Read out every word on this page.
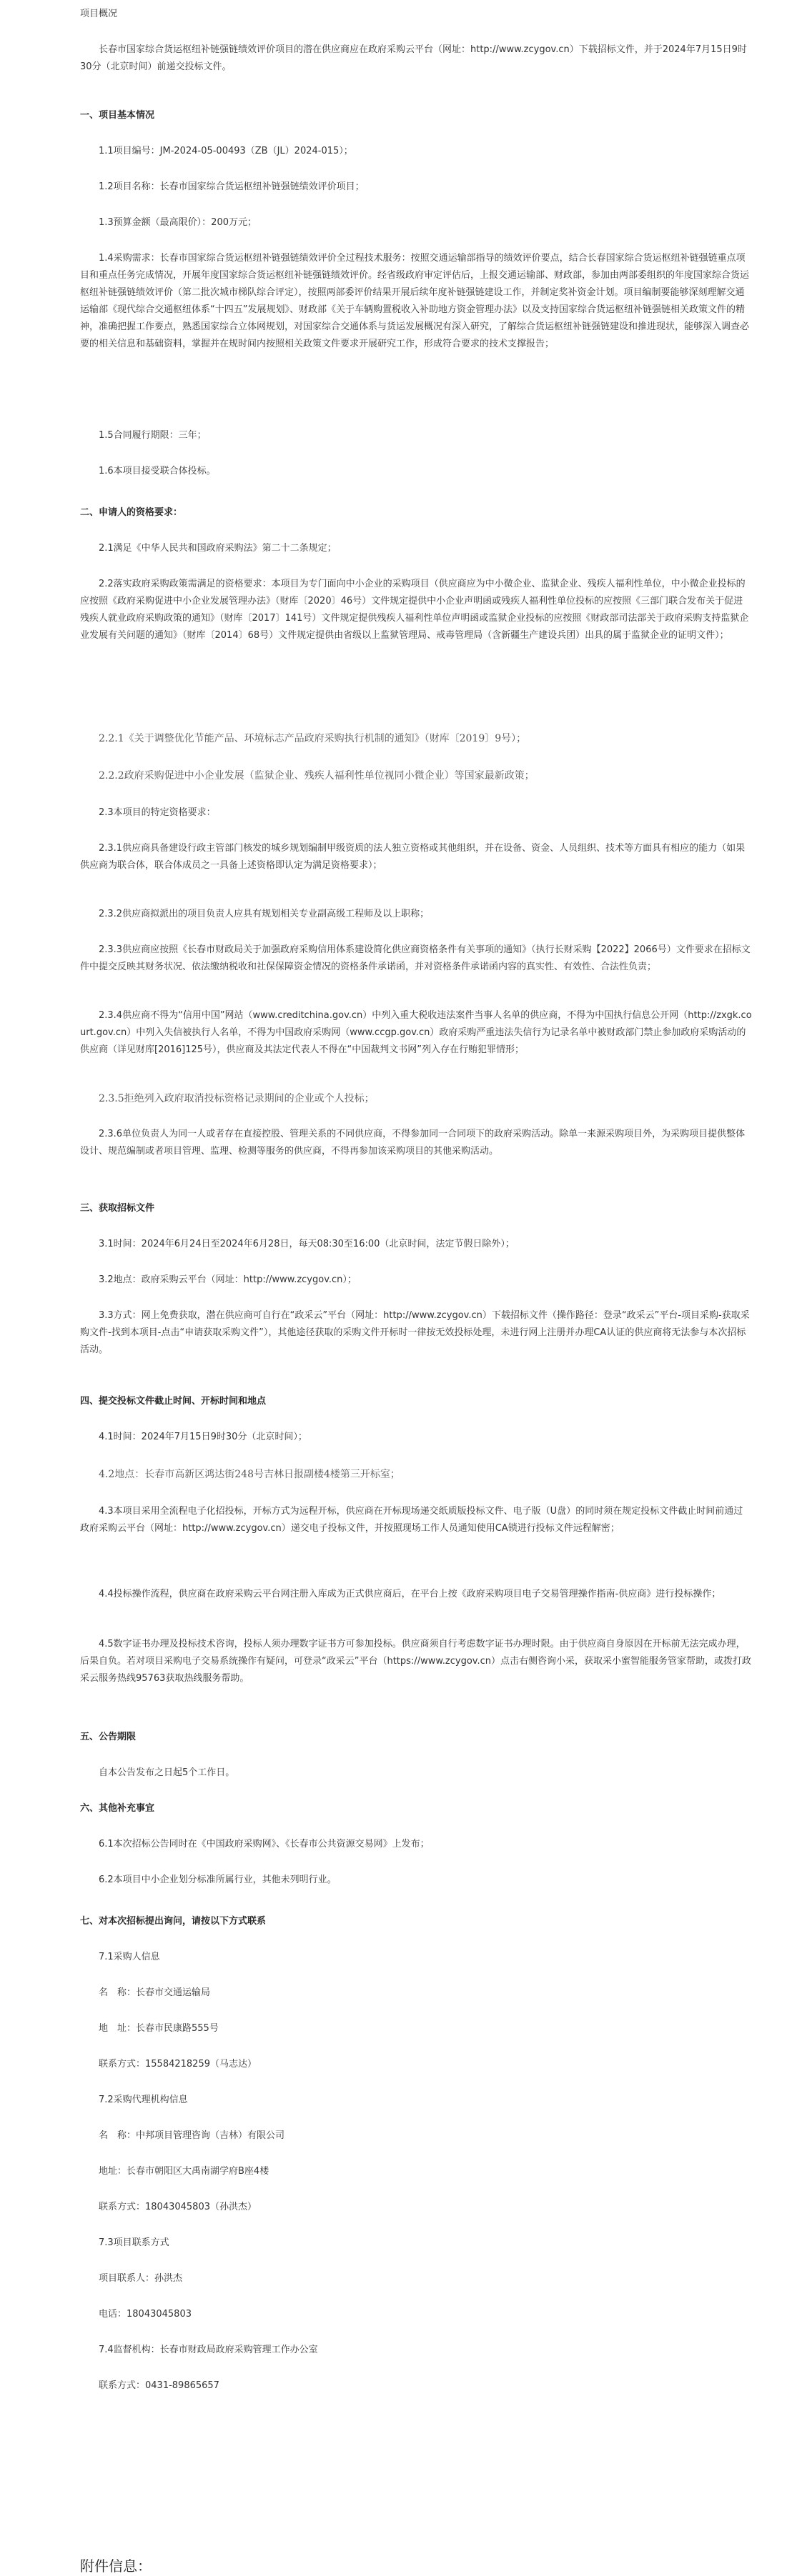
项目概况

长春市国家综合货运枢纽补链强链绩效评价项目的潜在供应商应在政府采购云平台（网址：http://www.zcygov.cn）下载招标文件，并于2024年7月15日9时30分（北京时间）前递交投标文件。

一、项目基本情况

1.1项目编号：JM-2024-05-00493（ZB（JL）2024-015）；

1.2项目名称：长春市国家综合货运枢纽补链强链绩效评价项目；

1.3预算金额（最高限价）：200万元；

1.4采购需求：长春市国家综合货运枢纽补链强链绩效评价全过程技术服务：按照交通运输部指导的绩效评价要点，结合长春国家综合货运枢纽补链强链重点项目和重点任务完成情况，开展年度国家综合货运枢纽补链强链绩效评价。经省级政府审定评估后，上报交通运输部、财政部，参加由两部委组织的年度国家综合货运枢纽补链强链绩效评价（第二批次城市梯队综合评定），按照两部委评价结果开展后续年度补链强链建设工作，并制定奖补资金计划。项目编制要能够深刻理解交通运输部《现代综合交通枢纽体系“十四五”发展规划》、财政部《关于车辆购置税收入补助地方资金管理办法》以及支持国家综合货运枢纽补链强链相关政策文件的精神，准确把握工作要点，熟悉国家综合立体网规划，对国家综合交通体系与货运发展概况有深入研究，了解综合货运枢纽补链强链建设和推进现状，能够深入调查必要的相关信息和基础资料，掌握并在规时间内按照相关政策文件要求开展研究工作，形成符合要求的技术支撑报告；

1.5合同履行期限：三年；

1.6本项目接受联合体投标。

二、申请人的资格要求：

2.1满足《中华人民共和国政府采购法》第二十二条规定；

2.2落实政府采购政策需满足的资格要求：本项目为专门面向中小企业的采购项目（供应商应为中小微企业、监狱企业、残疾人福利性单位，中小微企业投标的应按照《政府采购促进中小企业发展管理办法》（财库〔2020〕46号）文件规定提供中小企业声明函或残疾人福利性单位投标的应按照《三部门联合发布关于促进残疾人就业政府采购政策的通知》（财库〔2017〕141号）文件规定提供残疾人福利性单位声明函或监狱企业投标的应按照《财政部司法部关于政府采购支持监狱企业发展有关问题的通知》（财库〔2014〕68号）文件规定提供由省级以上监狱管理局、戒毒管理局（含新疆生产建设兵团）出具的属于监狱企业的证明文件）；

2.2.1《关于调整优化节能产品、环境标志产品政府采购执行机制的通知》（财库〔2019〕9号）；

2.2.2政府采购促进中小企业发展（监狱企业、残疾人福利性单位视同小微企业）等国家最新政策；

2.3本项目的特定资格要求：

2.3.1供应商具备建设行政主管部门核发的城乡规划编制甲级资质的法人独立资格或其他组织，并在设备、资金、人员组织、技术等方面具有相应的能力（如果供应商为联合体，联合体成员之一具备上述资格即认定为满足资格要求）；

2.3.2供应商拟派出的项目负责人应具有规划相关专业副高级工程师及以上职称；

2.3.3供应商应按照《长春市财政局关于加强政府采购信用体系建设简化供应商资格条件有关事项的通知》（执行长财采购【2022】2066号）文件要求在招标文件中提交反映其财务状况、依法缴纳税收和社保保障资金情况的资格条件承诺函，并对资格条件承诺函内容的真实性、有效性、合法性负责；

2.3.4供应商不得为“信用中国”网站（www.creditchina.gov.cn）中列入重大税收违法案件当事人名单的供应商，不得为中国执行信息公开网（http://zxgk.court.gov.cn）中列入失信被执行人名单，不得为中国政府采购网（www.ccgp.gov.cn）政府采购严重违法失信行为记录名单中被财政部门禁止参加政府采购活动的供应商（详见财库[2016]125号），供应商及其法定代表人不得在“中国裁判文书网”列入存在行贿犯罪情形；

2.3.5拒绝列入政府取消投标资格记录期间的企业或个人投标；

2.3.6单位负责人为同一人或者存在直接控股、管理关系的不同供应商，不得参加同一合同项下的政府采购活动。除单一来源采购项目外，为采购项目提供整体设计、规范编制或者项目管理、监理、检测等服务的供应商，不得再参加该采购项目的其他采购活动。

三、获取招标文件

3.1时间：2024年6月24日至2024年6月28日，每天08:30至16:00（北京时间，法定节假日除外）；

3.2地点：政府采购云平台（网址：http://www.zcygov.cn）；

3.3方式：网上免费获取，潜在供应商可自行在“政采云”平台（网址：http://www.zcygov.cn）下载招标文件（操作路径：登录“政采云”平台-项目采购-获取采购文件-找到本项目-点击“申请获取采购文件”），其他途径获取的采购文件开标时一律按无效投标处理，未进行网上注册并办理CA认证的供应商将无法参与本次招标活动。

四、提交投标文件截止时间、开标时间和地点

4.1时间：2024年7月15日9时30分（北京时间）；

4.2地点：长春市高新区鸿达街248号吉林日报副楼4楼第三开标室；

4.3本项目采用全流程电子化招投标，开标方式为远程开标，供应商在开标现场递交纸质版投标文件、电子版（U盘）的同时须在规定投标文件截止时间前通过政府采购云平台（网址：http://www.zcygov.cn）递交电子投标文件，并按照现场工作人员通知使用CA锁进行投标文件远程解密；

4.4投标操作流程，供应商在政府采购云平台网注册入库成为正式供应商后，在平台上按《政府采购项目电子交易管理操作指南-供应商》进行投标操作；

4.5数字证书办理及投标技术咨询，投标人须办理数字证书方可参加投标。供应商须自行考虑数字证书办理时限。由于供应商自身原因在开标前无法完成办理，后果自负。若对项目采购电子交易系统操作有疑问，可登录“政采云”平台（https://www.zcygov.cn）点击右侧咨询小采，获取采小蜜智能服务管家帮助，或拨打政采云服务热线95763获取热线服务帮助。

五、公告期限

自本公告发布之日起5个工作日。

六、其他补充事宜

6.1本次招标公告同时在《中国政府采购网》、《长春市公共资源交易网》上发布；

6.2本项目中小企业划分标准所属行业，其他未列明行业。

七、对本次招标提出询问，请按以下方式联系

7.1采购人信息

名　称：长春市交通运输局

地　址：长春市民康路555号

联系方式：15584218259（马志达）

7.2采购代理机构信息

名　称：中邦项目管理咨询（吉林）有限公司

地址：长春市朝阳区大禹南湖学府B座4楼

联系方式：18043045803（孙洪杰）

7.3项目联系方式

项目联系人：孙洪杰

电话：18043045803

7.4监督机构：长春市财政局政府采购管理工作办公室

联系方式：0431-89865657

附件信息：
